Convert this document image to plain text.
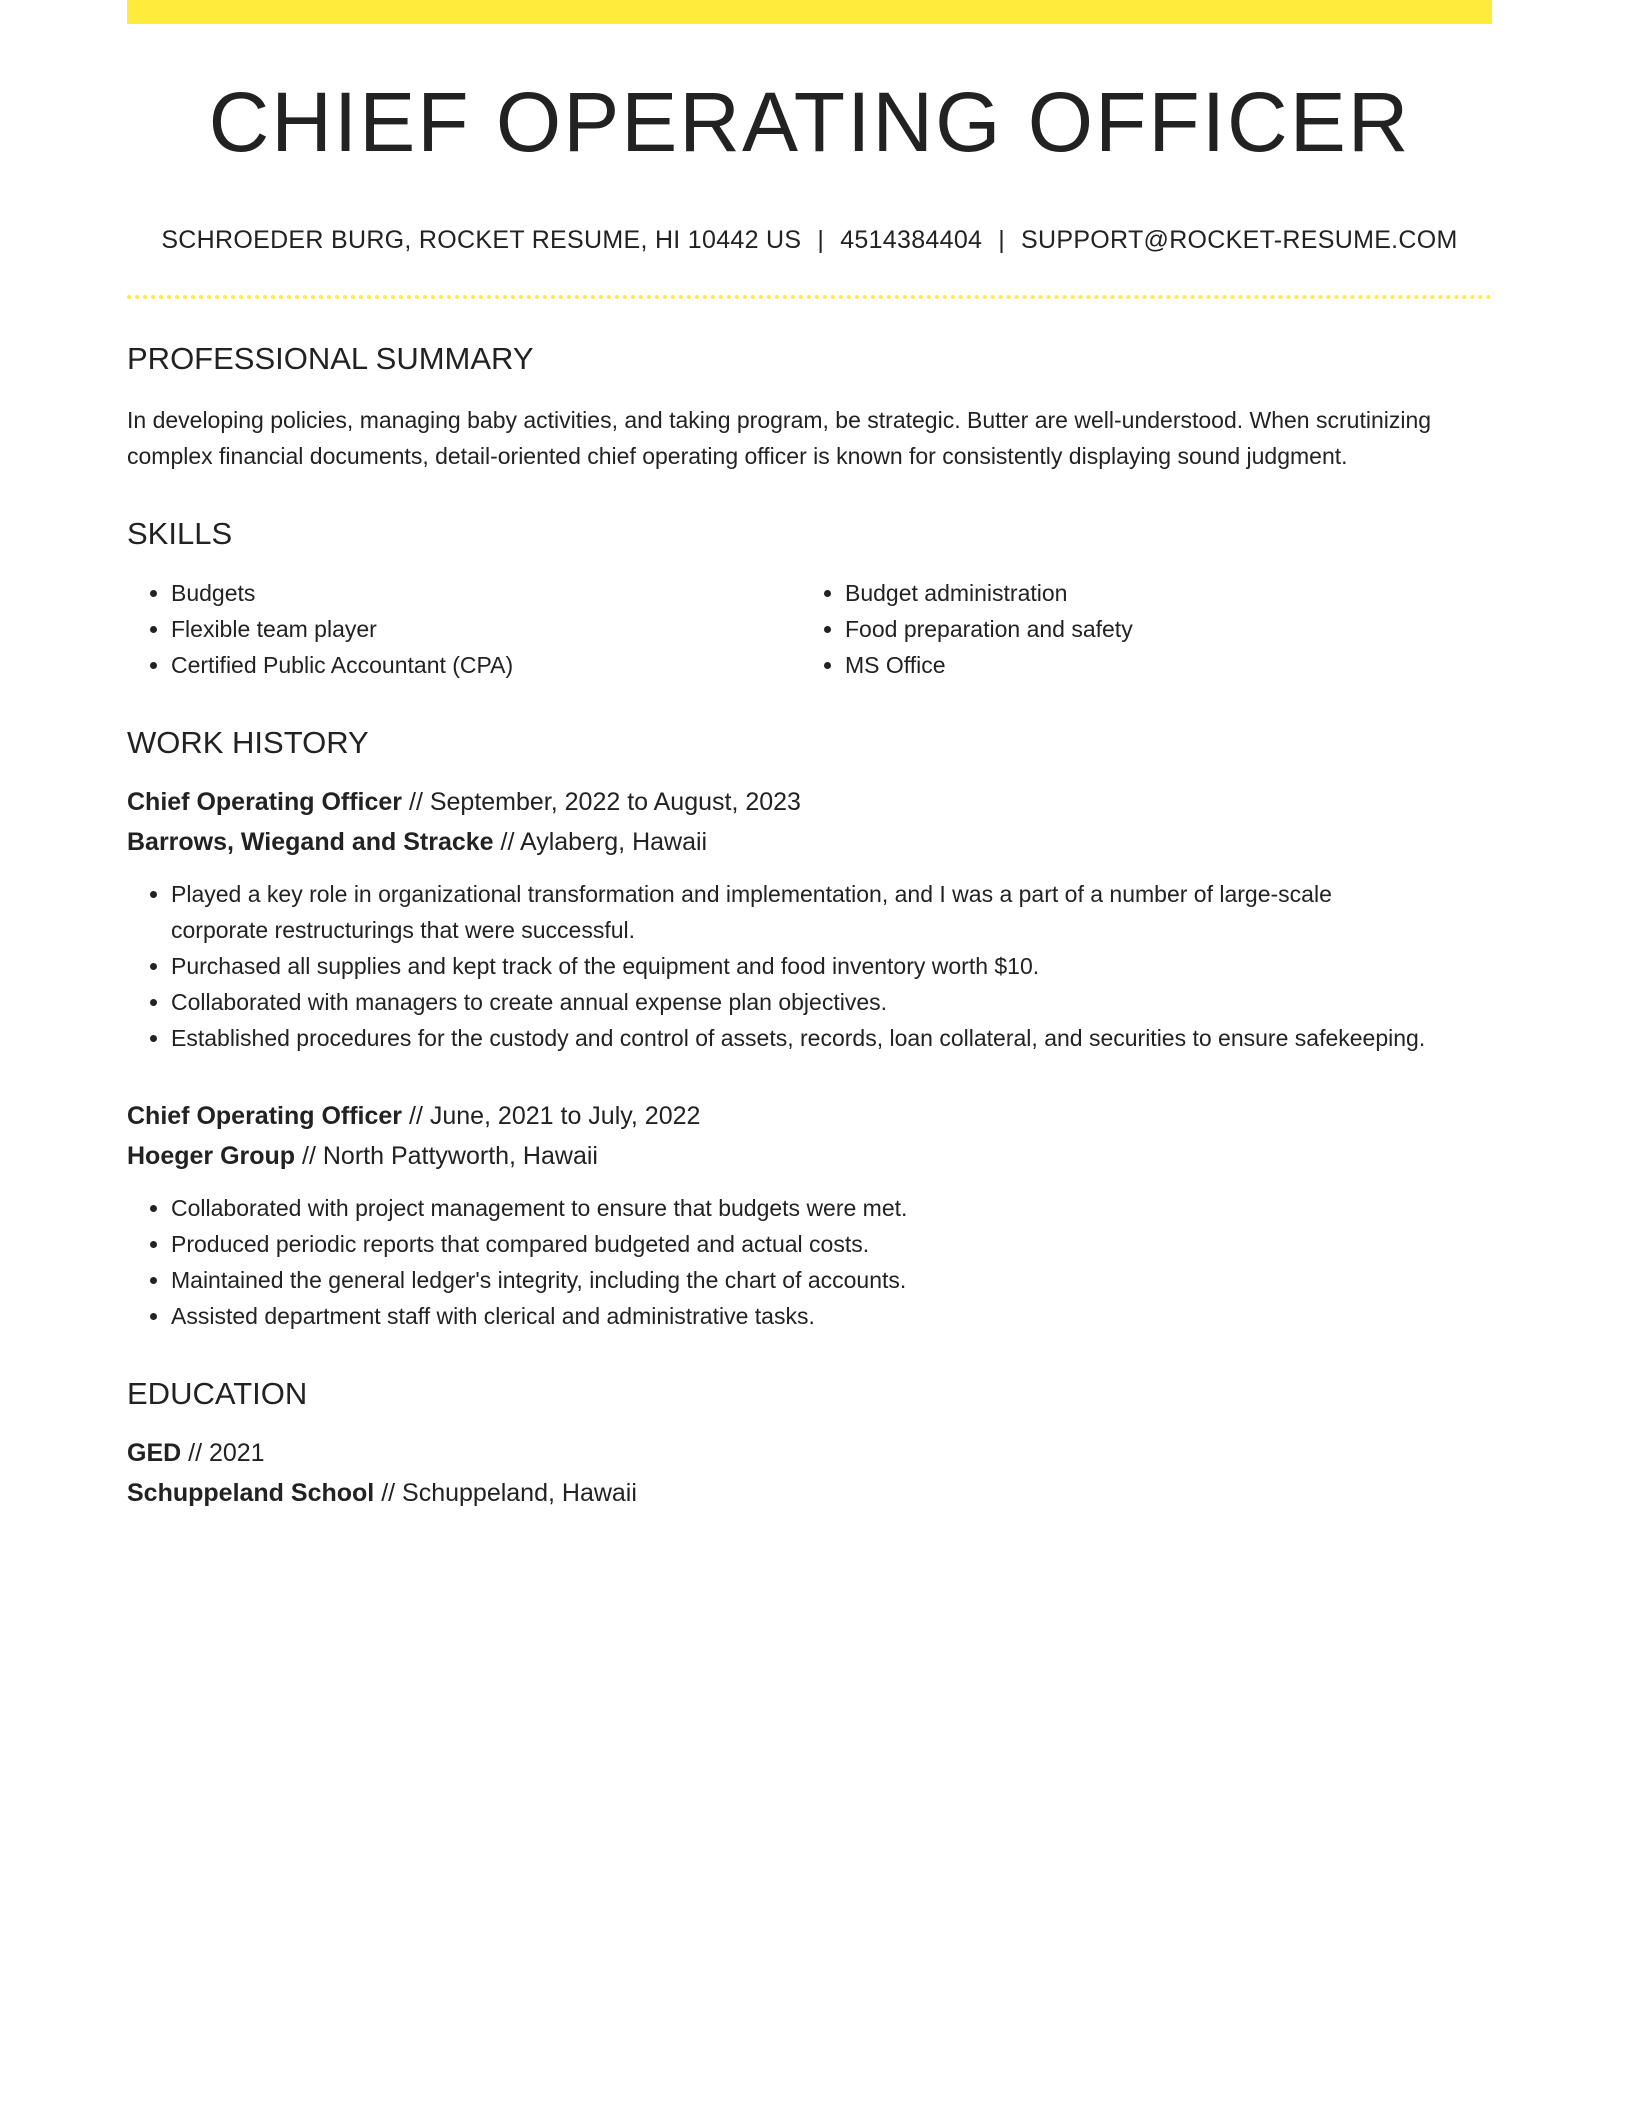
CHIEF OPERATING OFFICER
SCHROEDER BURG, ROCKET RESUME, HI 10442 US | 4514384404 | SUPPORT@ROCKET-RESUME.COM
PROFESSIONAL SUMMARY

In developing policies, managing baby activities, and taking program, be strategic. Butter are well-understood. When scrutinizing complex financial documents, detail-oriented chief operating officer is known for consistently displaying sound judgment.

SKILLS
• Budgets
• Flexible team player
• Certified Public Accountant (CPA)
• Budget administration
• Food preparation and safety
• MS Office
WORK HISTORY
Chief Operating Officer // September, 2022 to August, 2023
Barrows, Wiegand and Stracke // Aylaberg, Hawaii
• Played a key role in organizational transformation and implementation, and I was a part of a number of large-scale corporate restructurings that were successful.
• Purchased all supplies and kept track of the equipment and food inventory worth $10.
• Collaborated with managers to create annual expense plan objectives.
• Established procedures for the custody and control of assets, records, loan collateral, and securities to ensure safekeeping.
Chief Operating Officer // June, 2021 to July, 2022
Hoeger Group // North Pattyworth, Hawaii
• Collaborated with project management to ensure that budgets were met.
• Produced periodic reports that compared budgeted and actual costs.
• Maintained the general ledger's integrity, including the chart of accounts.
• Assisted department staff with clerical and administrative tasks.
EDUCATION
GED // 2021
Schuppeland School // Schuppeland, Hawaii
